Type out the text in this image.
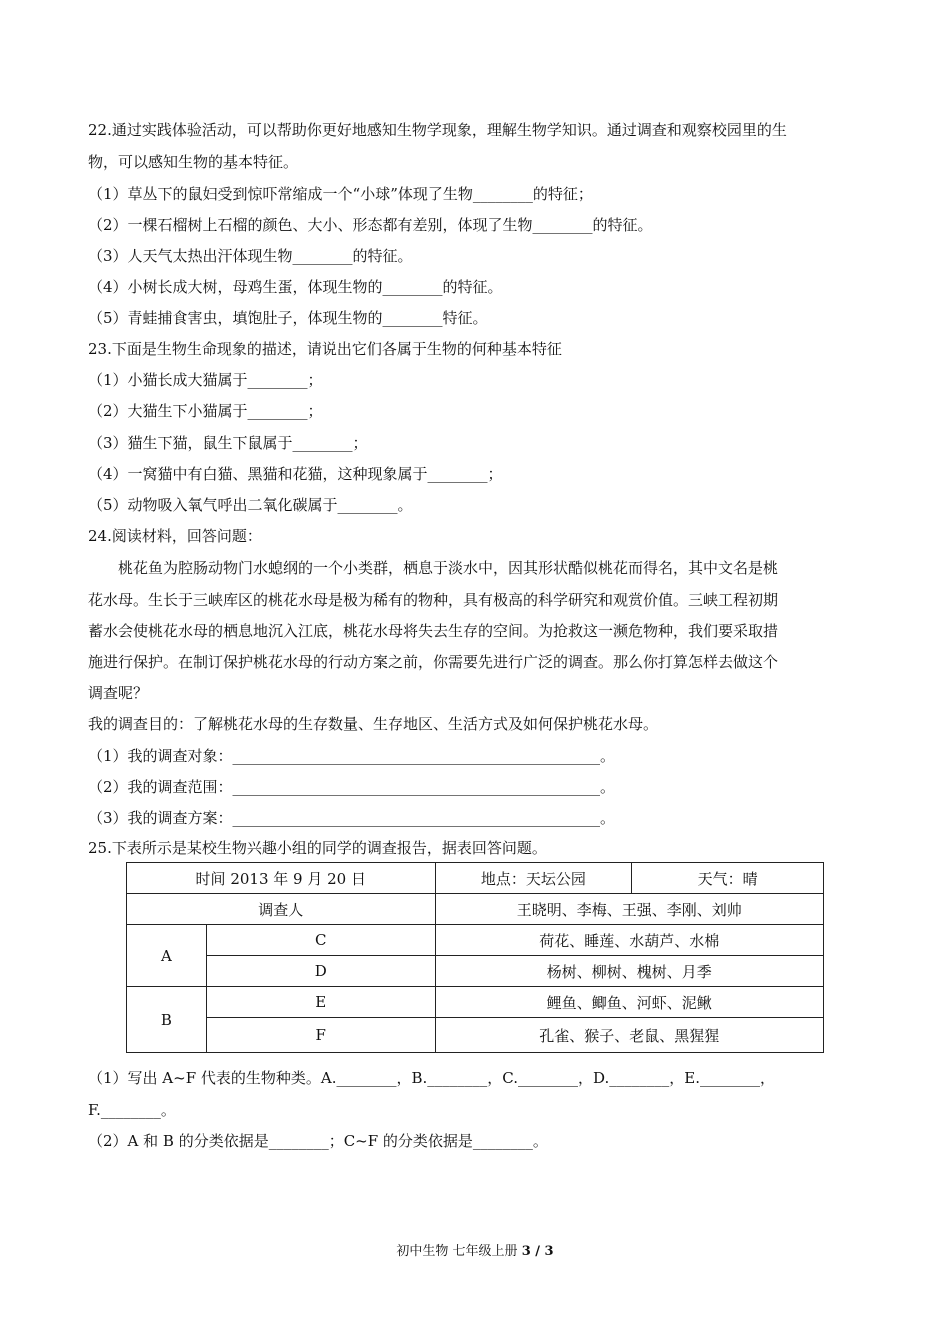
22.通过实践体验活动，可以帮助你更好地感知生物学现象，理解生物学知识。通过调查和观察校园里的生
物，可以感知生物的基本特征。
（1）草丛下的鼠妇受到惊吓常缩成一个“小球”体现了生物________的特征；
（2）一棵石榴树上石榴的颜色、大小、形态都有差别，体现了生物________的特征。
（3）人天气太热出汗体现生物________的特征。
（4）小树长成大树，母鸡生蛋，体现生物的________的特征。
（5）青蛙捕食害虫，填饱肚子，体现生物的________特征。
23.下面是生物生命现象的描述，请说出它们各属于生物的何种基本特征
（1）小猫长成大猫属于________；
（2）大猫生下小猫属于________；
（3）猫生下猫，鼠生下鼠属于________；
（4）一窝猫中有白猫、黑猫和花猫，这种现象属于________；
（5）动物吸入氧气呼出二氧化碳属于________。
24.阅读材料，回答问题：
桃花鱼为腔肠动物门水螅纲的一个小类群，栖息于淡水中，因其形状酷似桃花而得名，其中文名是桃
花水母。生长于三峡库区的桃花水母是极为稀有的物种，具有极高的科学研究和观赏价值。三峡工程初期
蓄水会使桃花水母的栖息地沉入江底，桃花水母将失去生存的空间。为抢救这一濒危物种，我们要采取措
施进行保护。在制订保护桃花水母的行动方案之前，你需要先进行广泛的调查。那么你打算怎样去做这个
调查呢？
我的调查目的：了解桃花水母的生存数量、生存地区、生活方式及如何保护桃花水母。
（1）我的调查对象：_________________________________________________。
（2）我的调查范围：_________________________________________________。
（3）我的调查方案：_________________________________________________。
25.下表所示是某校生物兴趣小组的同学的调查报告，据表回答问题。
时间 2013 年 9 月 20 日		地点：天坛公园	天气：晴
调查人		王晓明、李梅、王强、李刚、刘帅	
A	C	荷花、睡莲、水葫芦、水棉	
	D	杨树、柳树、槐树、月季	
B	E	鲤鱼、鲫鱼、河虾、泥鳅	
	F	孔雀、猴子、老鼠、黑猩猩	
（1）写出 A~F 代表的生物种类。A.________，B.________，C.________，D.________，E.________，
F.________。
（2）A 和 B 的分类依据是________；C~F 的分类依据是________。
初中生物 七年级上册 3 / 3
